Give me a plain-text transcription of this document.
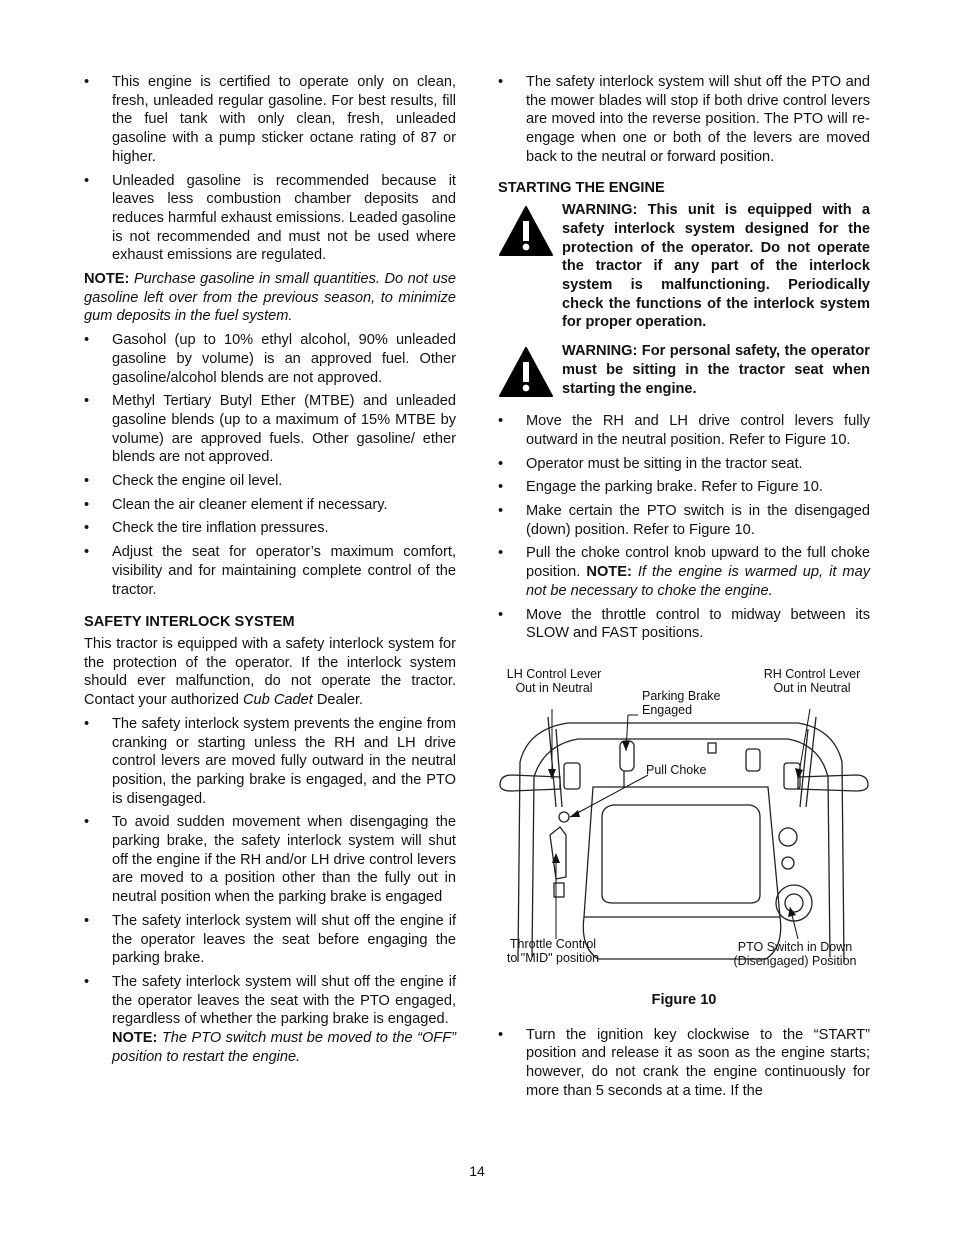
• This engine is certified to operate only on clean, fresh, unleaded regular gasoline. For best results, fill the fuel tank with only clean, fresh, unleaded gasoline with a pump sticker octane rating of 87 or higher.
• Unleaded gasoline is recommended because it leaves less combustion chamber deposits and reduces harmful exhaust emissions. Leaded gasoline is not recommended and must not be used where exhaust emissions are regulated.
NOTE: Purchase gasoline in small quantities. Do not use gasoline left over from the previous season, to minimize gum deposits in the fuel system.
• Gasohol (up to 10% ethyl alcohol, 90% unleaded gasoline by volume) is an approved fuel. Other gasoline/alcohol blends are not approved.
• Methyl Tertiary Butyl Ether (MTBE) and unleaded gasoline blends (up to a maximum of 15% MTBE by volume) are approved fuels. Other gasoline/ ether blends are not approved.
• Check the engine oil level.
• Clean the air cleaner element if necessary.
• Check the tire inflation pressures.
• Adjust the seat for operator’s maximum comfort, visibility and for maintaining complete control of the tractor.
SAFETY INTERLOCK SYSTEM
This tractor is equipped with a safety interlock system for the protection of the operator. If the interlock system should ever malfunction, do not operate the tractor. Contact your authorized Cub Cadet Dealer.
• The safety interlock system prevents the engine from cranking or starting unless the RH and LH drive control levers are moved fully outward in the neutral position, the parking brake is engaged, and the PTO is disengaged.
• To avoid sudden movement when disengaging the parking brake, the safety interlock system will shut off the engine if the RH and/or LH drive control levers are moved to a position other than the fully out in neutral position when the parking brake is engaged
• The safety interlock system will shut off the engine if the operator leaves the seat before engaging the parking brake.
• The safety interlock system will shut off the engine if the operator leaves the seat with the PTO engaged, regardless of whether the parking brake is engaged.
NOTE: The PTO switch must be moved to the “OFF” position to restart the engine.
• The safety interlock system will shut off the PTO and the mower blades will stop if both drive control levers are moved into the reverse position. The PTO will re-engage when one or both of the levers are moved back to the neutral or forward position.
STARTING THE ENGINE
WARNING: This unit is equipped with a safety interlock system designed for the protection of the operator. Do not operate the tractor if any part of the interlock system is malfunctioning. Periodically check the functions of the interlock system for proper operation.
WARNING: For personal safety, the operator must be sitting in the tractor seat when starting the engine.
• Move the RH and LH drive control levers fully outward in the neutral position. Refer to Figure 10.
• Operator must be sitting in the tractor seat.
• Engage the parking brake. Refer to Figure 10.
• Make certain the PTO switch is in the disengaged (down) position. Refer to Figure 10.
• Pull the choke control knob upward to the full choke position. NOTE: If the engine is warmed up, it may not be necessary to choke the engine.
• Move the throttle control to midway between its SLOW and FAST positions.
LH Control Lever
Out in Neutral
RH Control Lever
Out in Neutral
Parking Brake
Engaged
Pull Choke
Throttle Control
to "MID" position
PTO Switch in Down
(Disengaged) Position
Figure 10
• Turn the ignition key clockwise to the “START” position and release it as soon as the engine starts; however, do not crank the engine continuously for more than 5 seconds at a time. If the
14
